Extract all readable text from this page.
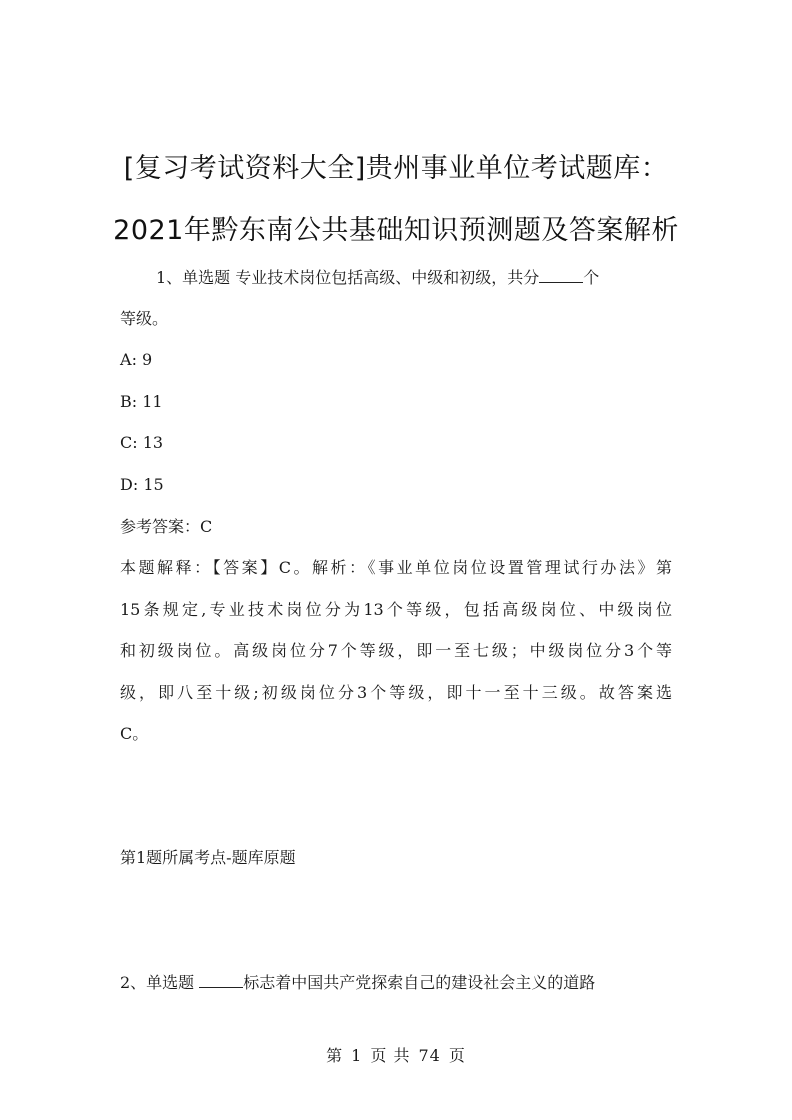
[复习考试资料大全]贵州事业单位考试题库：
2021年黔东南公共基础知识预测题及答案解析
1、单选题 专业技术岗位包括高级、中级和初级，共分	个
等级。
A: 9
B: 11
C: 13
D: 15
参考答案：C
本题解释：【答案】C。解析：《事业单位岗位设置管理试行办法》第
15条规定,专业技术岗位分为13个等级，包括高级岗位、中级岗位
和初级岗位。高级岗位分7个等级，即一至七级；中级岗位分3个等
级，即八至十级;初级岗位分3个等级，即十一至十三级。故答案选
C。
第1题所属考点-题库原题
2、单选题	标志着中国共产党探索自己的建设社会主义的道路
第 1 页 共 74 页
